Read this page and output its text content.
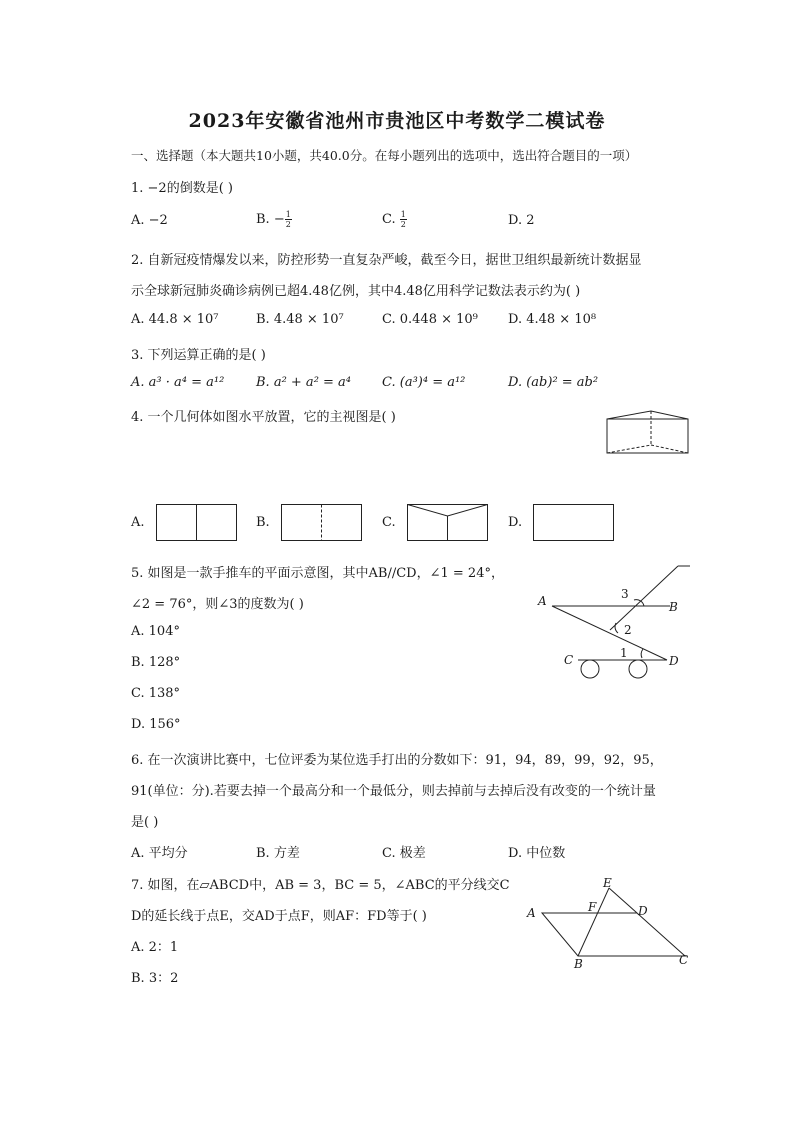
2023年安徽省池州市贵池区中考数学二模试卷
一、选择题（本大题共10小题，共40.0分。在每小题列出的选项中，选出符合题目的一项）
1. −2的倒数是( )
A. −2	B. − $\frac{1}{2}$	C. $\frac{1}{2}$	D. 2
2. 自新冠疫情爆发以来，防控形势一直复杂严峻，截至今日，据世卫组织最新统计数据显
示全球新冠肺炎确诊病例已超4.48亿例，其中4.48亿用科学记数法表示约为( )
A. 44.8 × 10⁷	B. 4.48 × 10⁷	C. 0.448 × 10⁹ D. 4.48 × 10⁸
3. 下列运算正确的是( )
A. a³ · a⁴ = a¹² B. a² + a² = a⁴ C. (a³)⁴ = a¹²	D. (ab)² = ab²
4. 一个几何体如图水平放置，它的主视图是( )
A.	B.	C.	D.
5. 如图是一款手推车的平面示意图，其中AB//CD，∠1 = 24°，
∠2 = 76°，则∠3的度数为( )
A. 104°
B. 128°
C. 138°
D. 156°
A	B
C	D
1
2
3
6. 在一次演讲比赛中，七位评委为某位选手打出的分数如下：91，94，89，99，92，95，
91(单位：分).若要去掉一个最高分和一个最低分，则去掉前与去掉后没有改变的一个统计量
是( )
A. 平均分	B. 方差	C. 极差	D. 中位数
7. 如图，在▱ABCD中，AB = 3，BC = 5，∠ABC的平分线交C
D的延长线于点E，交AD于点F，则AF：FD等于( )
A. 2：1
B. 3：2
A
B	C
D
E
F
